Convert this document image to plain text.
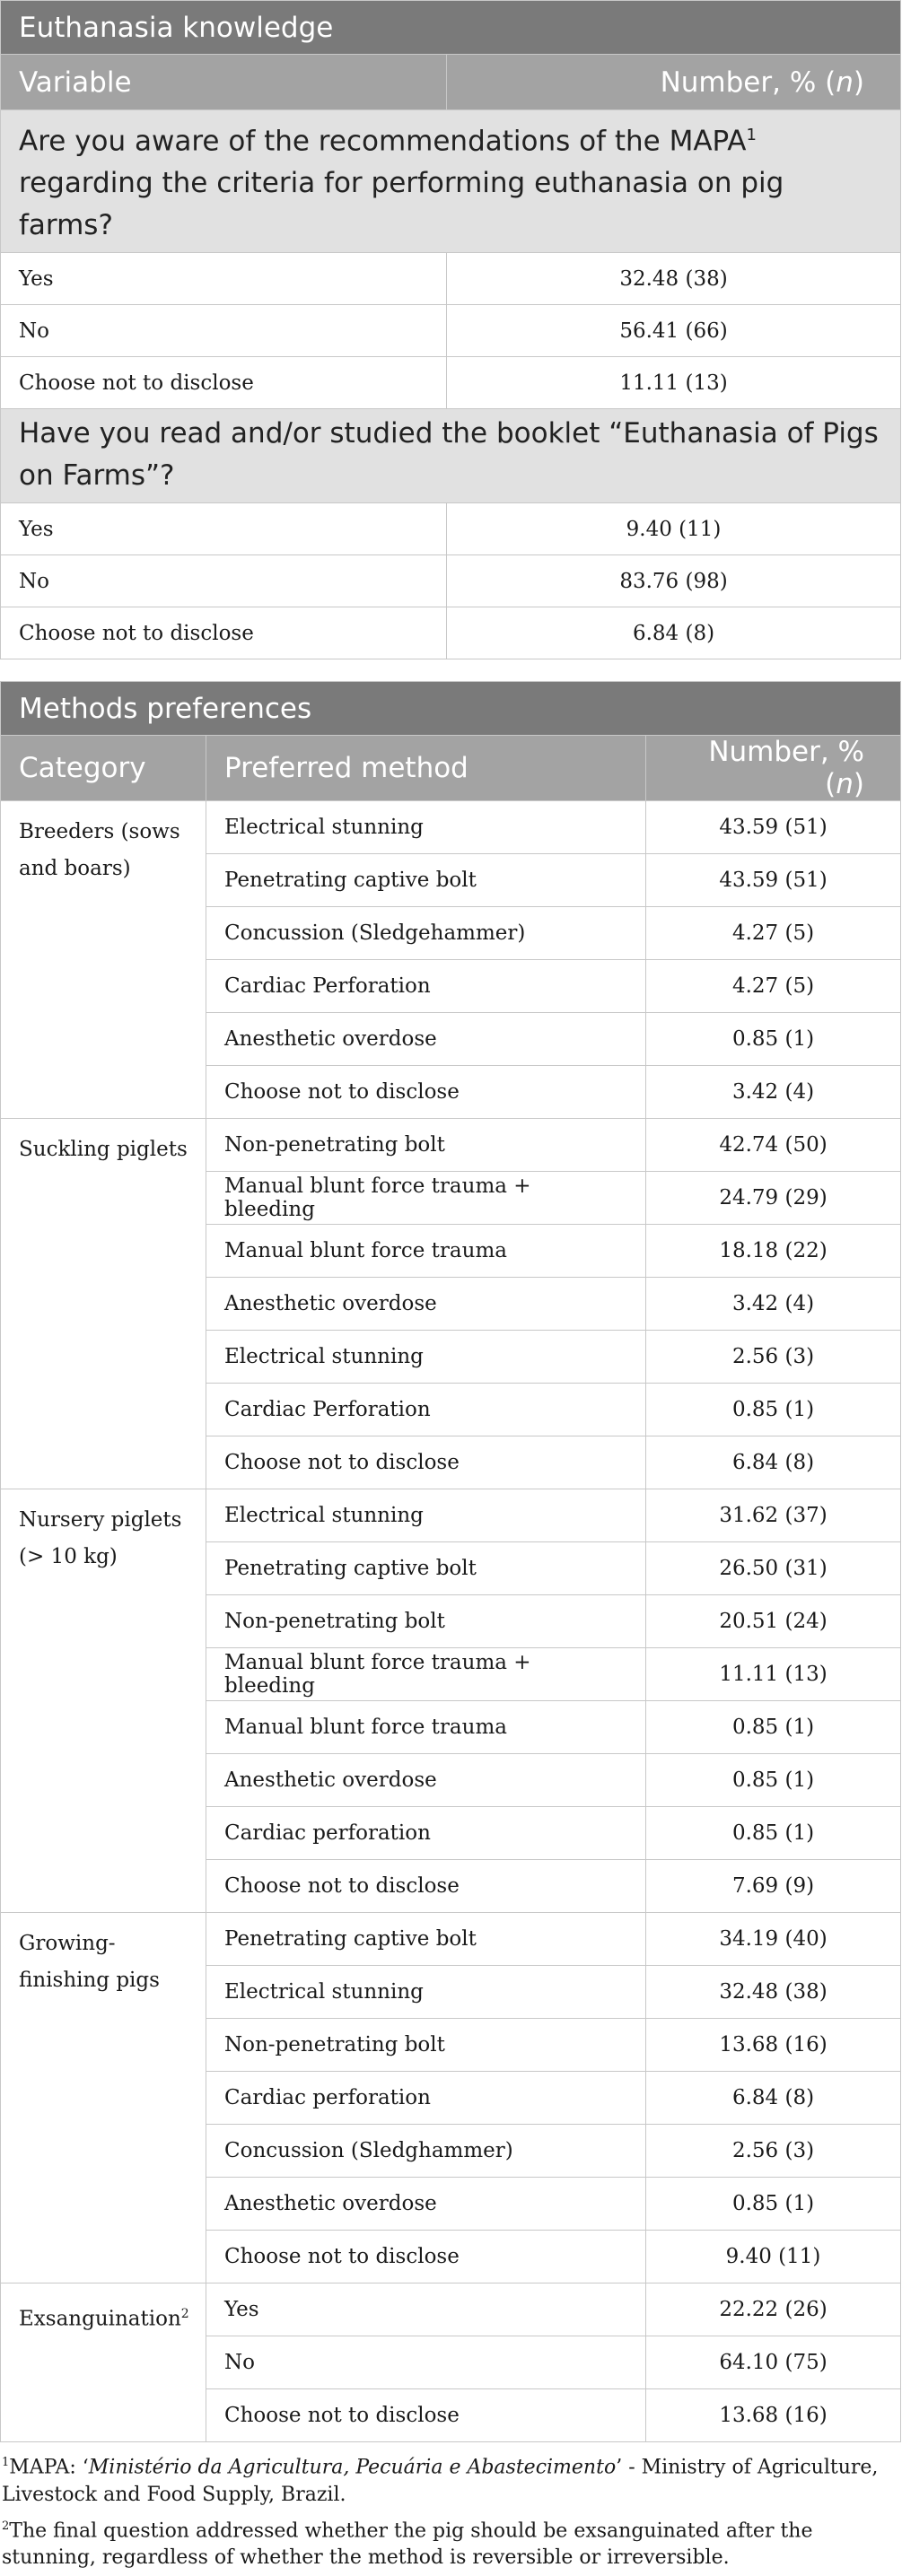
Euthanasia knowledge	
Variable	Number, % (n)
Are you aware of the recommendations of the MAPA$^1$ regarding the criteria for performing euthanasia on pig farms?	
Yes	32.48 (38)
No	56.41 (66)
Choose not to disclose	11.11 (13)
Have you read and/or studied the booklet “Euthanasia of Pigs on Farms”?	
Yes	9.40 (11)
No	83.76 (98)
Choose not to disclose	6.84 (8)
Methods preferences		
Category	Preferred method	Number, % (n)
Breeders (sows and boars)	Electrical stunning	43.59 (51)
	Penetrating captive bolt	43.59 (51)
	Concussion (Sledgehammer)	4.27 (5)
	Cardiac Perforation	4.27 (5)
	Anesthetic overdose	0.85 (1)
	Choose not to disclose	3.42 (4)
Suckling piglets	Non-penetrating bolt	42.74 (50)
	Manual blunt force trauma + bleeding	24.79 (29)
	Manual blunt force trauma	18.18 (22)
	Anesthetic overdose	3.42 (4)
	Electrical stunning	2.56 (3)
	Cardiac Perforation	0.85 (1)
	Choose not to disclose	6.84 (8)
Nursery piglets (> 10 kg)	Electrical stunning	31.62 (37)
	Penetrating captive bolt	26.50 (31)
	Non-penetrating bolt	20.51 (24)
	Manual blunt force trauma + bleeding	11.11 (13)
	Manual blunt force trauma	0.85 (1)
	Anesthetic overdose	0.85 (1)
	Cardiac perforation	0.85 (1)
	Choose not to disclose	7.69 (9)
Growing-finishing pigs	Penetrating captive bolt	34.19 (40)
	Electrical stunning	32.48 (38)
	Non-penetrating bolt	13.68 (16)
	Cardiac perforation	6.84 (8)
	Concussion (Sledghammer)	2.56 (3)
	Anesthetic overdose	0.85 (1)
	Choose not to disclose	9.40 (11)
Exsanguination$^2$	Yes	22.22 (26)
	No	64.10 (75)
	Choose not to disclose	13.68 (16)

$^1$MAPA: ‘Ministério da Agricultura, Pecuária e Abastecimento’ - Ministry of Agriculture, Livestock and Food Supply, Brazil.

$^2$The final question addressed whether the pig should be exsanguinated after the stunning, regardless of whether the method is reversible or irreversible.
